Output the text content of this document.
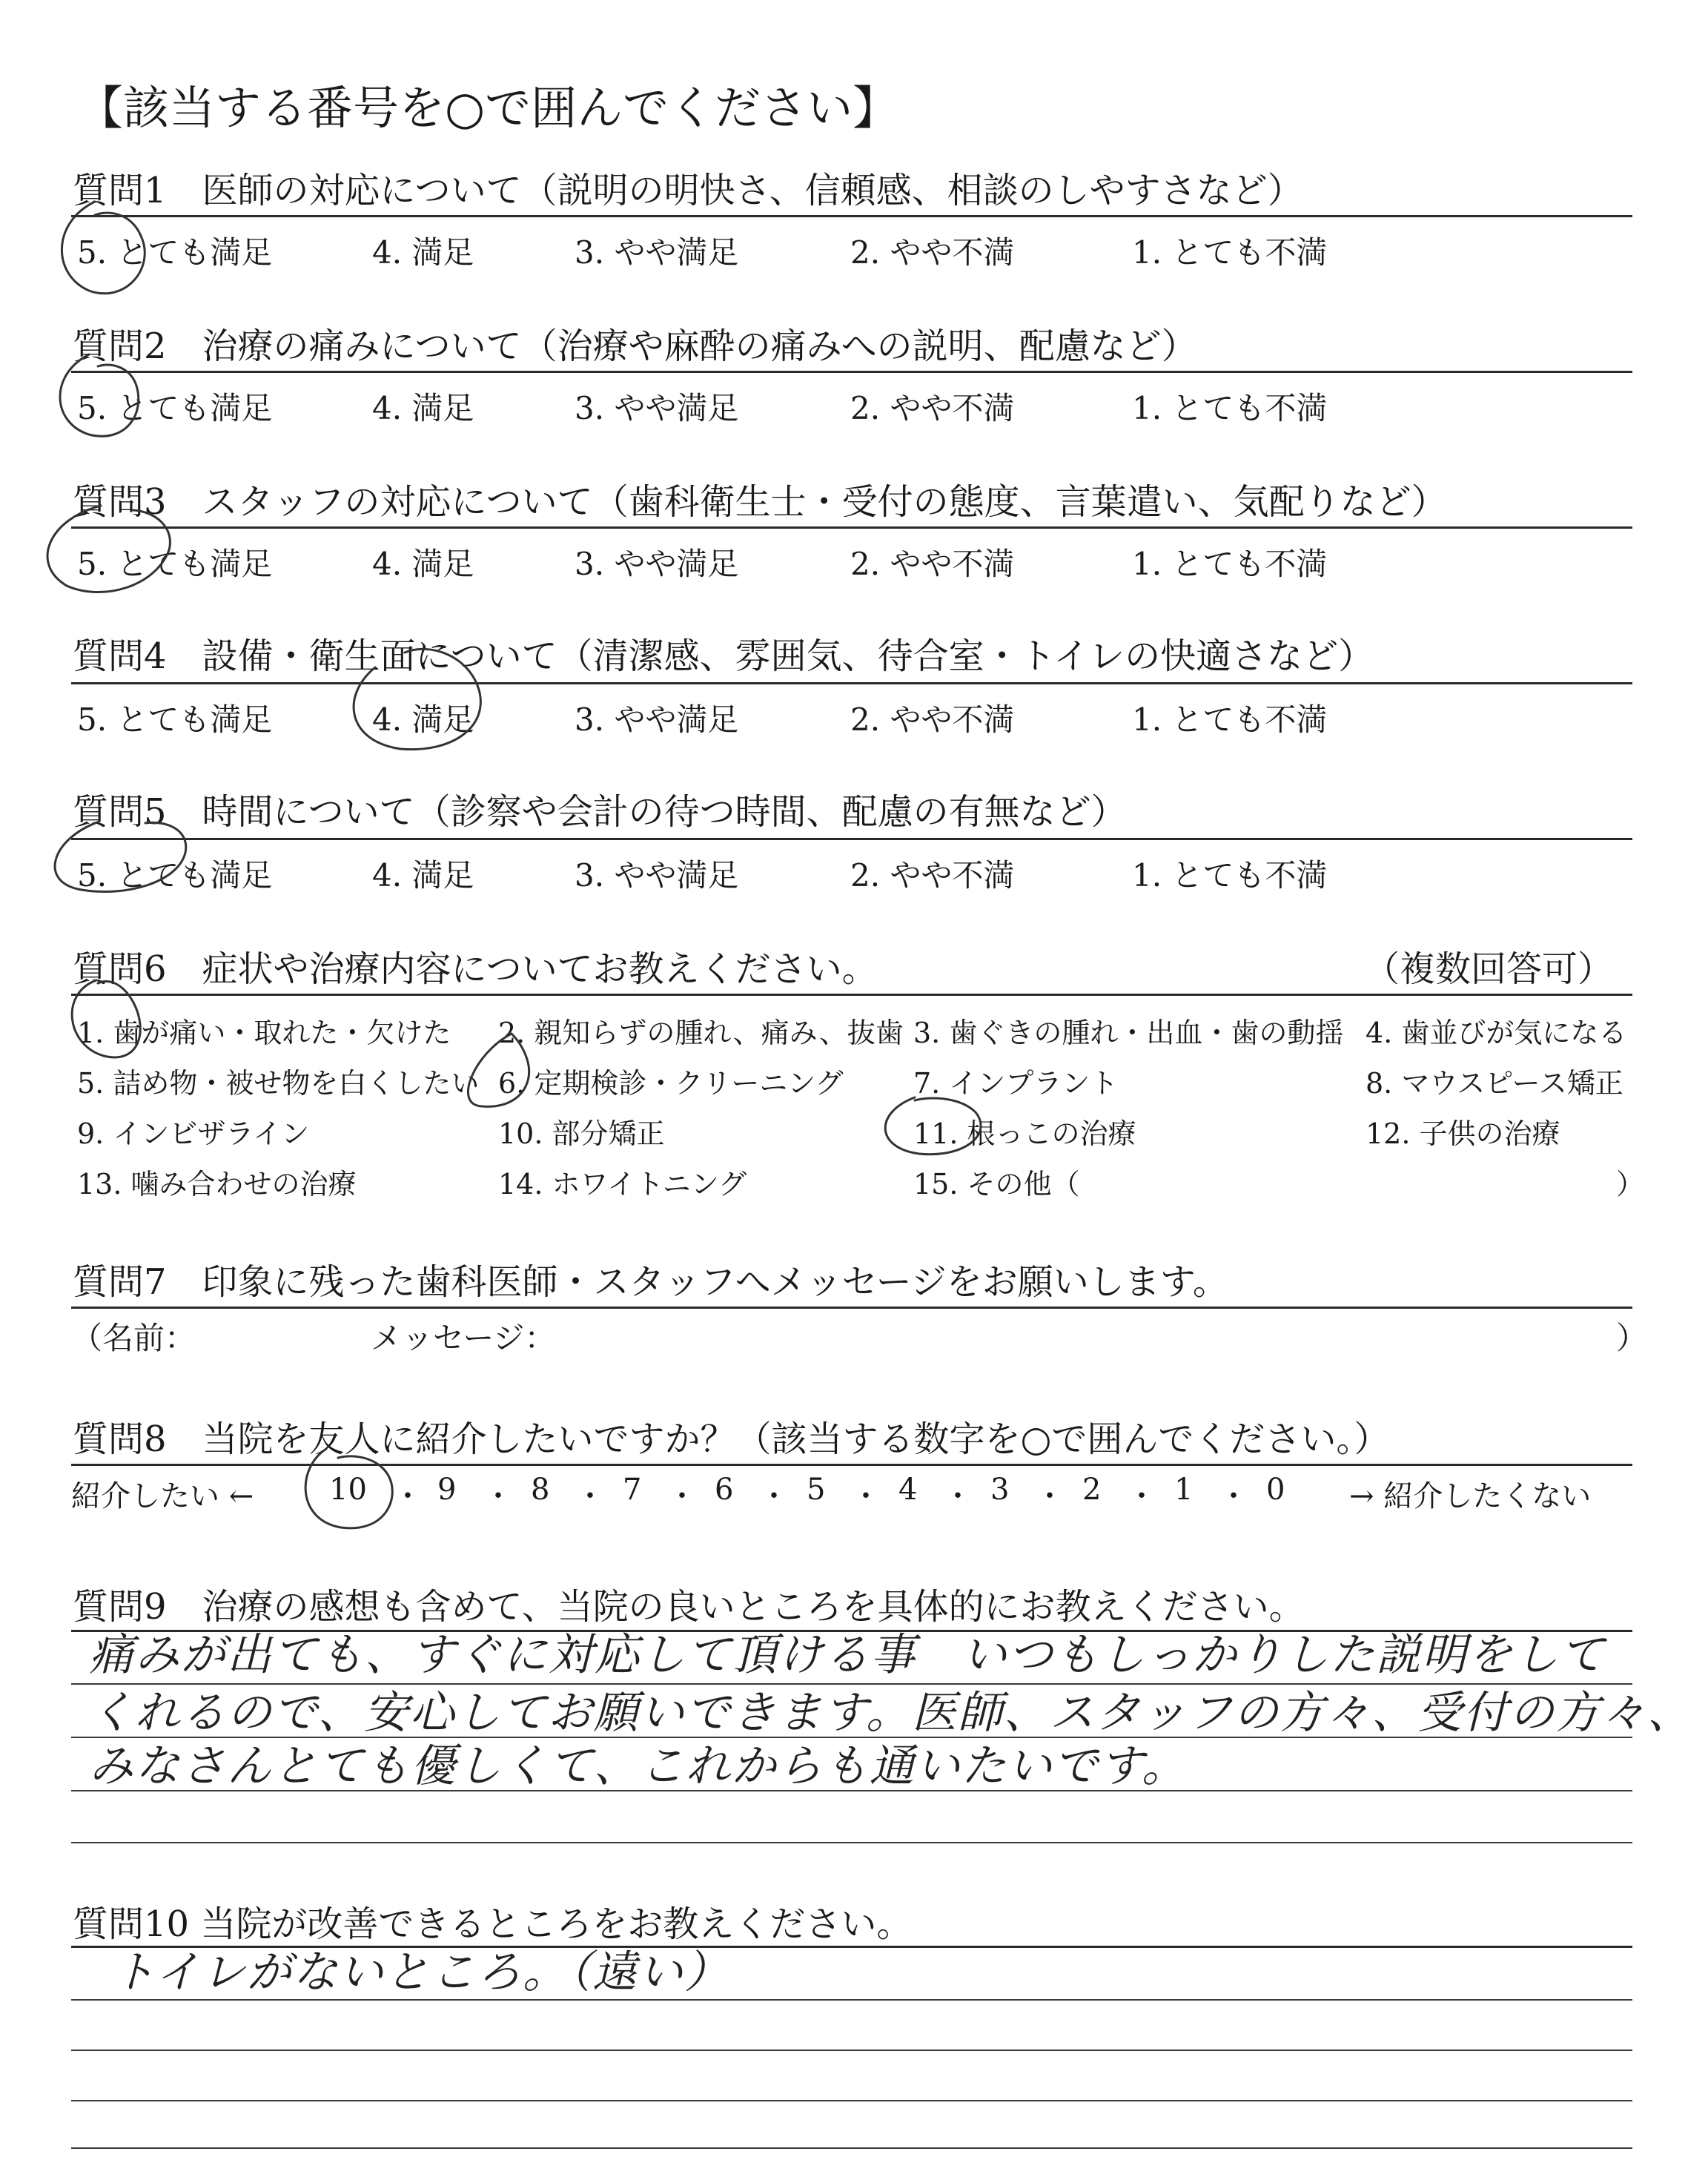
【該当する番号を○で囲んでください】
質問1　医師の対応について（説明の明快さ、信頼感、相談のしやすさなど）
5. とても満足	4. 満足	3. やや満足	2. やや不満	1. とても不満
質問2　治療の痛みについて（治療や麻酔の痛みへの説明、配慮など）
5. とても満足	4. 満足	3. やや満足	2. やや不満	1. とても不満
質問3　スタッフの対応について（歯科衛生士・受付の態度、言葉遣い、気配りなど）
5. とても満足	4. 満足	3. やや満足	2. やや不満	1. とても不満
質問4　設備・衛生面について（清潔感、雰囲気、待合室・トイレの快適さなど）
5. とても満足	4. 満足	3. やや満足	2. やや不満	1. とても不満
質問5　時間について（診察や会計の待つ時間、配慮の有無など）
5. とても満足	4. 満足	3. やや満足	2. やや不満	1. とても不満
質問6　症状や治療内容についてお教えください。	（複数回答可）
1. 歯が痛い・取れた・欠けた 2. 親知らずの腫れ、痛み、抜歯 3. 歯ぐきの腫れ・出血・歯の動揺 4. 歯並びが気になる
5. 詰め物・被せ物を白くしたい 6. 定期検診・クリーニング 7. インプラント	8. マウスピース矯正
9. インビザライン	10. 部分矯正	11. 根っこの治療	12. 子供の治療
13. 噛み合わせの治療	14. ホワイトニング	15. その他（	）
質問7　印象に残った歯科医師・スタッフへメッセージをお願いします。
（名前：	メッセージ：	）
質問8　当院を友人に紹介したいですか？（該当する数字を○で囲んでください。）
紹介したい ←	10 ・ 9 ・ 8 ・ 7 ・ 6 ・ 5 ・ 4 ・ 3 ・ 2 ・ 1 ・ 0 → 紹介したくない
質問9　治療の感想も含めて、当院の良いところを具体的にお教えください。
痛みが出ても、すぐに対応して頂ける事　いつもしっかりした説明をして
くれるので、安心してお願いできます。医師、スタッフの方々、受付の方々、
みなさんとても優しくて、これからも通いたいです。
質問10 当院が改善できるところをお教えください。
トイレがないところ。（遠い）
